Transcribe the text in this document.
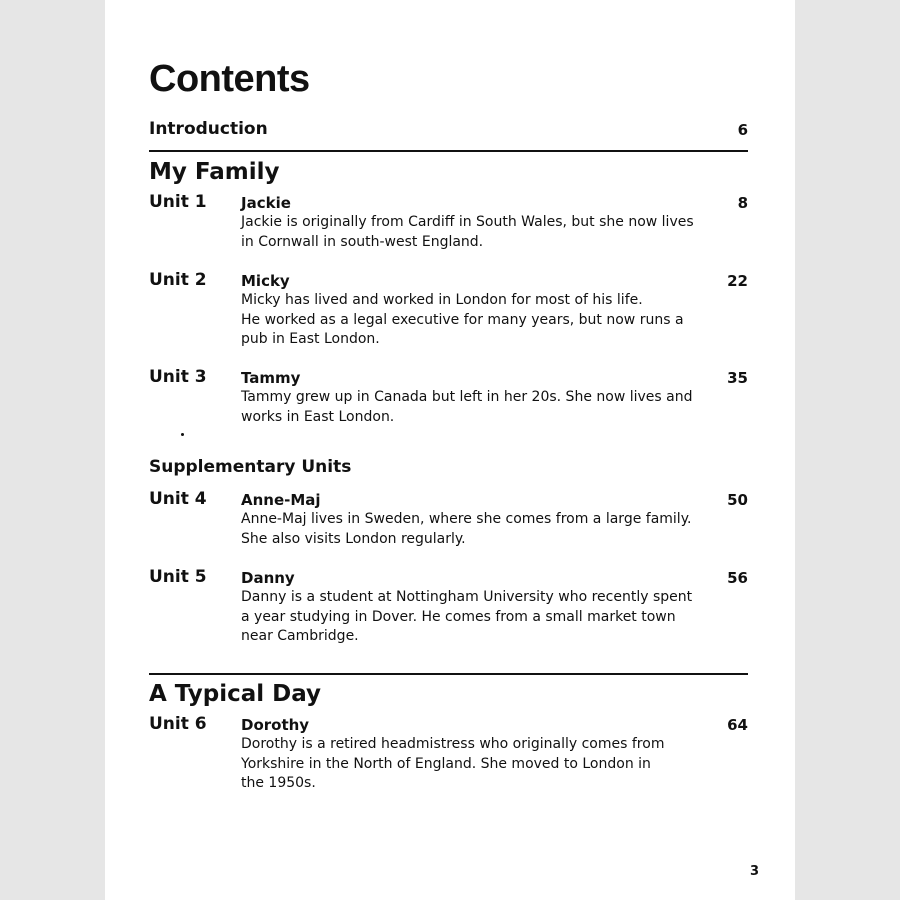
Contents
Introduction	6
My Family
Unit 1 Jackie	8
Jackie is originally from Cardiff in South Wales, but she now lives
in Cornwall in south-west England.
Unit 2 Micky	22
Micky has lived and worked in London for most of his life.
He worked as a legal executive for many years, but now runs a
pub in East London.
Unit 3 Tammy	35
Tammy grew up in Canada but left in her 20s. She now lives and
works in East London.
Supplementary Units
Unit 4 Anne-Maj	50
Anne-Maj lives in Sweden, where she comes from a large family.
She also visits London regularly.
Unit 5 Danny	56
Danny is a student at Nottingham University who recently spent
a year studying in Dover. He comes from a small market town
near Cambridge.
A Typical Day
Unit 6 Dorothy	64
Dorothy is a retired headmistress who originally comes from
Yorkshire in the North of England. She moved to London in
the 1950s.
3
